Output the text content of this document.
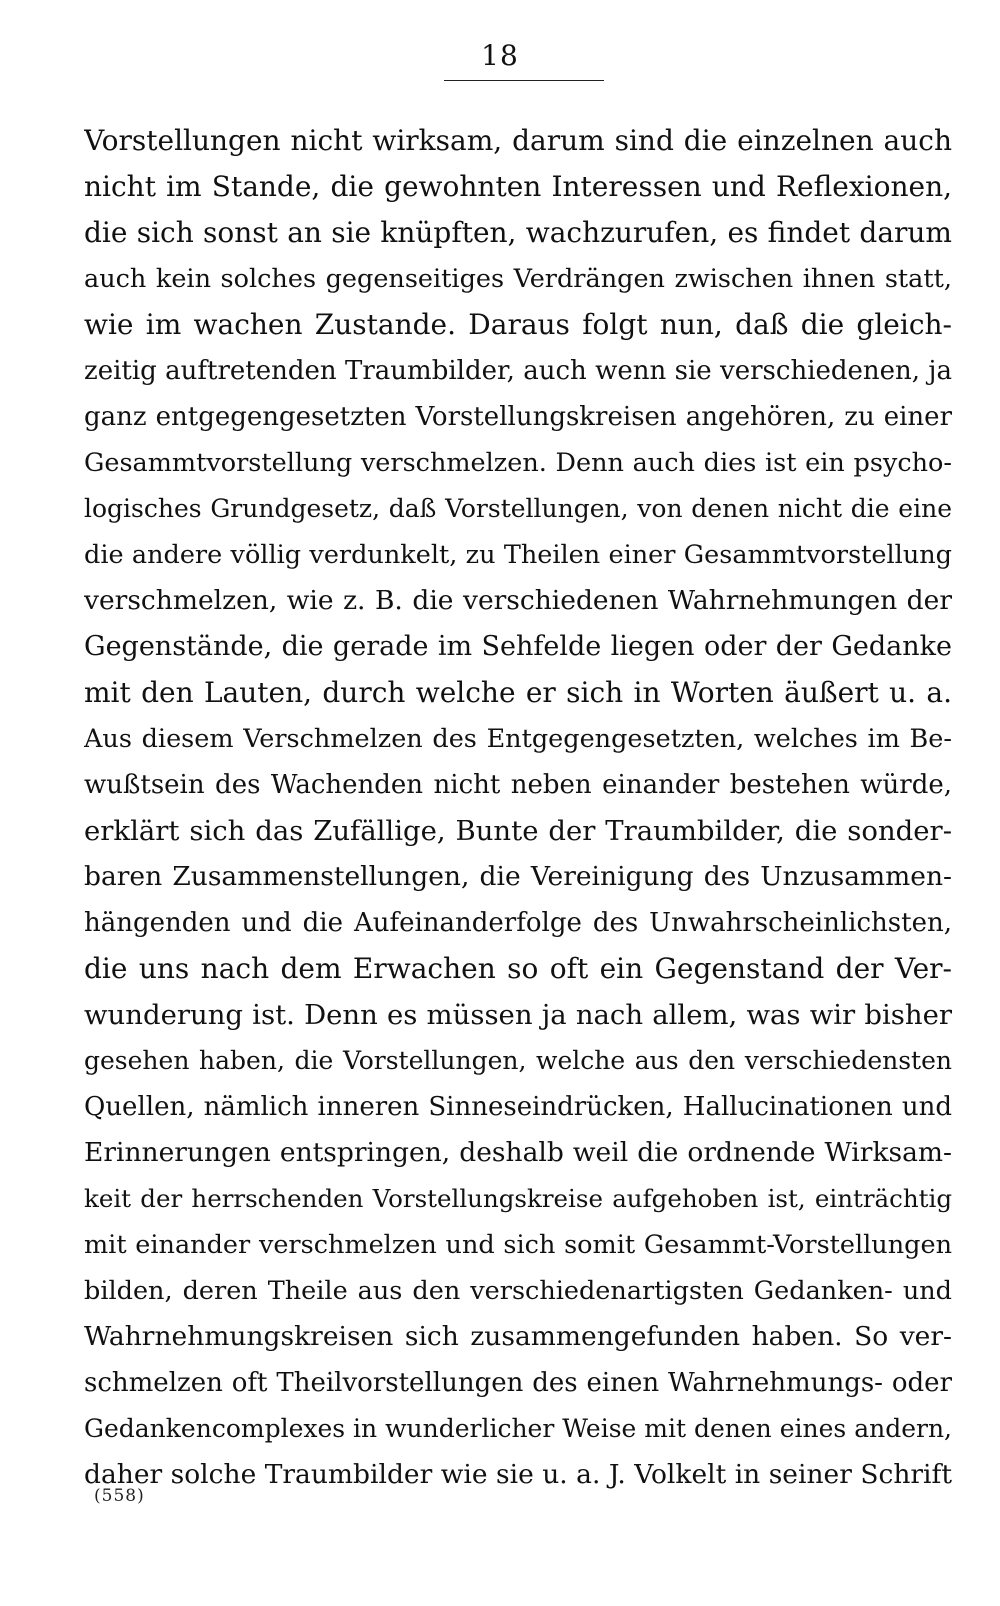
18
Vorstellungen nicht wirksam, darum sind die einzelnen auch
nicht im Stande, die gewohnten Interessen und Reflexionen,
die sich sonst an sie knüpften, wachzurufen, es findet darum
auch kein solches gegenseitiges Verdrängen zwischen ihnen statt,
wie im wachen Zustande. Daraus folgt nun, daß die gleich-
zeitig auftretenden Traumbilder, auch wenn sie verschiedenen, ja
ganz entgegengesetzten Vorstellungskreisen angehören, zu einer
Gesammtvorstellung verschmelzen. Denn auch dies ist ein psycho-
logisches Grundgesetz, daß Vorstellungen, von denen nicht die eine
die andere völlig verdunkelt, zu Theilen einer Gesammtvorstellung
verschmelzen, wie z. B. die verschiedenen Wahrnehmungen der
Gegenstände, die gerade im Sehfelde liegen oder der Gedanke
mit den Lauten, durch welche er sich in Worten äußert u. a.
Aus diesem Verschmelzen des Entgegengesetzten, welches im Be-
wußtsein des Wachenden nicht neben einander bestehen würde,
erklärt sich das Zufällige, Bunte der Traumbilder, die sonder-
baren Zusammenstellungen, die Vereinigung des Unzusammen-
hängenden und die Aufeinanderfolge des Unwahrscheinlichsten,
die uns nach dem Erwachen so oft ein Gegenstand der Ver-
wunderung ist. Denn es müssen ja nach allem, was wir bisher
gesehen haben, die Vorstellungen, welche aus den verschiedensten
Quellen, nämlich inneren Sinneseindrücken, Hallucinationen und
Erinnerungen entspringen, deshalb weil die ordnende Wirksam-
keit der herrschenden Vorstellungskreise aufgehoben ist, einträchtig
mit einander verschmelzen und sich somit Gesammt-Vorstellungen
bilden, deren Theile aus den verschiedenartigsten Gedanken- und
Wahrnehmungskreisen sich zusammengefunden haben. So ver-
schmelzen oft Theilvorstellungen des einen Wahrnehmungs- oder
Gedankencomplexes in wunderlicher Weise mit denen eines andern,
daher solche Traumbilder wie sie u. a. J. Volkelt in seiner Schrift
(558)
